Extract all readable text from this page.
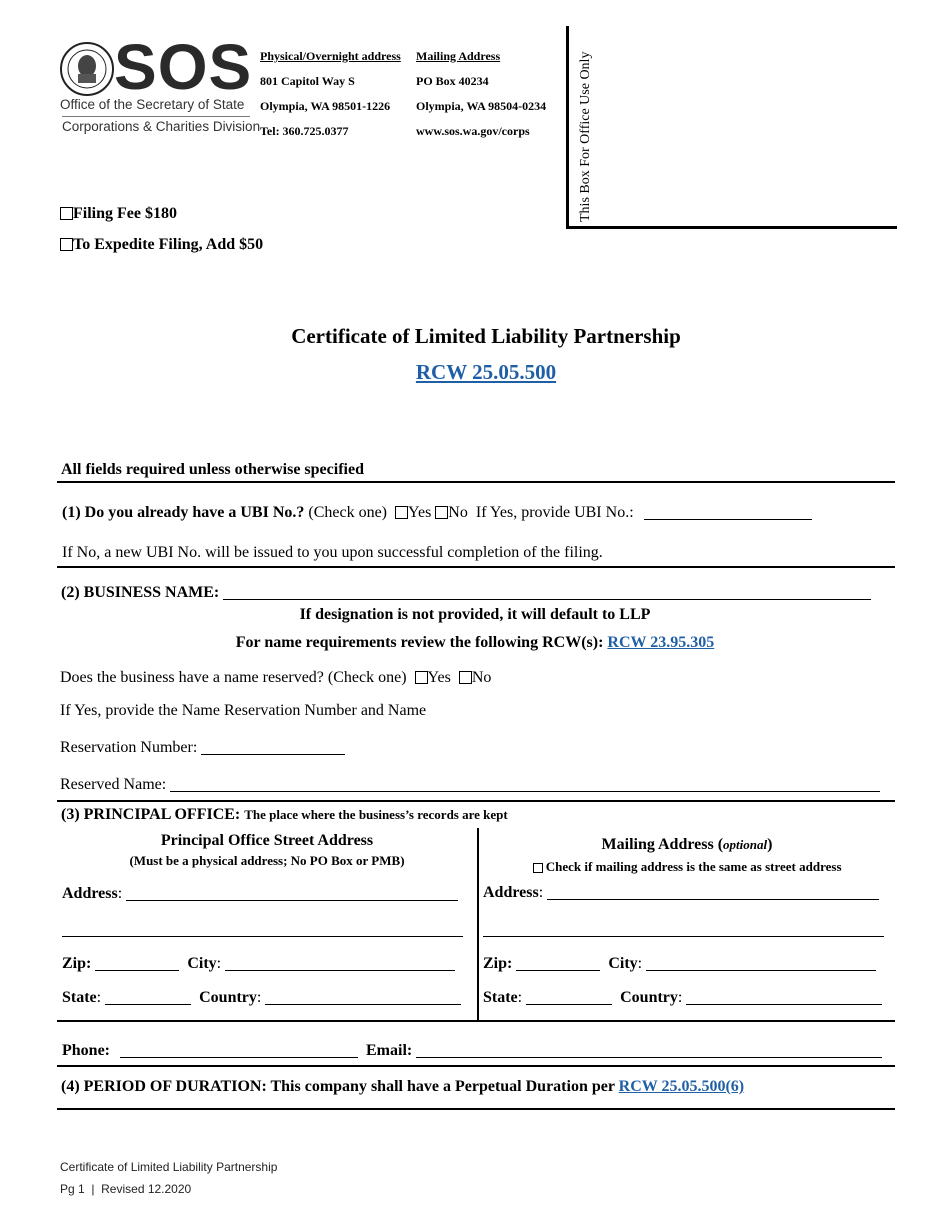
SOS
Office of the Secretary of State
Corporations & Charities Division
Physical/Overnight address
801 Capitol Way S
Olympia, WA 98501-1226
Tel: 360.725.0377
Mailing Address
PO Box 40234
Olympia, WA 98504-0234
www.sos.wa.gov/corps	This Box For Office Use Only
Filing Fee $180
To Expedite Filing, Add $50
Certificate of Limited Liability Partnership
RCW 25.05.500
All fields required unless otherwise specified
(1) Do you already have a UBI No.? (Check one) Yes No If Yes, provide UBI No.:
If No, a new UBI No. will be issued to you upon successful completion of the filing.
(2) BUSINESS NAME:
If designation is not provided, it will default to LLP
For name requirements review the following RCW(s): RCW 23.95.305
Does the business have a name reserved? (Check one) Yes No
If Yes, provide the Name Reservation Number and Name
Reservation Number:
Reserved Name:
(3) PRINCIPAL OFFICE: The place where the business’s records are kept
Principal Office Street Address
(Must be a physical address; No PO Box or PMB)
Address:
Zip:	City:
State:	Country:
Mailing Address (optional)
Check if mailing address is the same as street address
Address:
Zip:	City:
State:	Country:
Phone:	Email:
(4) PERIOD OF DURATION: This company shall have a Perpetual Duration per RCW 25.05.500(6)
Certificate of Limited Liability Partnership
Pg 1  |  Revised 12.2020
